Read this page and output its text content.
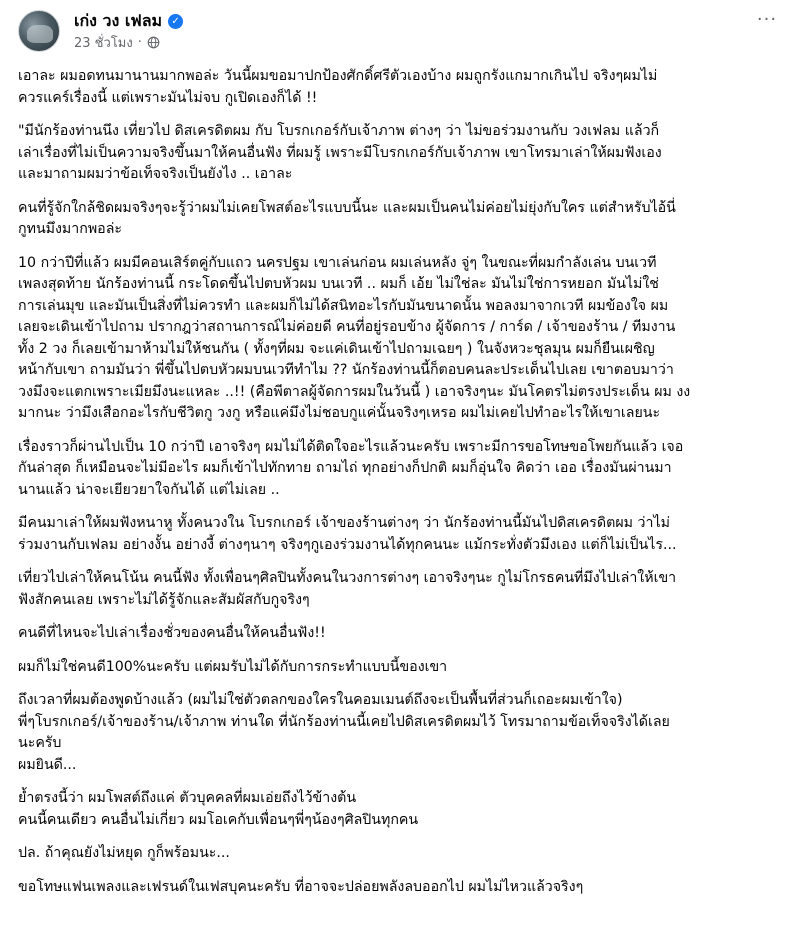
เก่ง วง เฟลม ✓
23 ชั่วโมง ·
···
เอาละ ผมอดทนมานานมากพอล่ะ วันนี้ผมขอมาปกป้องศักดิ์ศรีตัวเองบ้าง ผมถูกรังแกมากเกินไป จริงๆผมไม่
ควรแคร์เรื่องนี้ แต่เพราะมันไม่จบ กูเปิดเองก็ได้ !!
"มีนักร้องท่านนึง เที่ยวไป ดิสเครดิตผม กับ โบรกเกอร์กับเจ้าภาพ ต่างๆ ว่า ไม่ขอร่วมงานกับ วงเฟลม แล้วก็
เล่าเรื่องที่ไม่เป็นความจริงขึ้นมาให้คนอื่นฟัง ที่ผมรู้ เพราะมีโบรกเกอร์กับเจ้าภาพ เขาโทรมาเล่าให้ผมฟังเอง
และมาถามผมว่าข้อเท็จจริงเป็นยังไง .. เอาละ
คนที่รู้จักใกล้ชิดผมจริงๆจะรู้ว่าผมไม่เคยโพสต์อะไรแบบนี้นะ และผมเป็นคนไม่ค่อยไม่ยุ่งกับใคร แต่สำหรับไอ้นี่
กูทนมึงมากพอล่ะ
10 กว่าปีที่แล้ว ผมมีคอนเสิร์ตคู่กับแถว นครปฐม เขาเล่นก่อน ผมเล่นหลัง จู่ๆ ในขณะที่ผมกำลังเล่น บนเวที
เพลงสุดท้าย นักร้องท่านนี้ กระโดดขึ้นไปตบหัวผม บนเวที .. ผมก็ เอ้ย ไม่ใช่ละ มันไม่ใช่การหยอก มันไม่ใช่
การเล่นมุข และมันเป็นสิ่งที่ไม่ควรทำ และผมก็ไม่ได้สนิทอะไรกับมันขนาดนั้น พอลงมาจากเวที ผมข้องใจ ผม
เลยจะเดินเข้าไปถาม ปรากฎว่าสถานการณ์ไม่ค่อยดี คนที่อยู่รอบข้าง ผู้จัดการ / การ์ด / เจ้าของร้าน / ทีมงาน
ทั้ง 2 วง ก็เลยเข้ามาห้ามไม่ให้ชนกัน ( ทั้งๆที่ผม จะแค่เดินเข้าไปถามเฉยๆ ) ในจังหวะชุลมุน ผมก็ยืนเผชิญ
หน้ากับเขา ถามมันว่า พี่ขึ้นไปตบหัวผมบนเวทีทำไม ?? นักร้องท่านนี้ก็ตอบคนละประเด็นไปเลย เขาตอบมาว่า
วงมึงจะแตกเพราะเมียมึงนะแหละ ..!! (คือพีตาลผู้จัดการผมในวันนี้ ) เอาจริงๆนะ มันโคตรไม่ตรงประเด็น ผม งง
มากนะ ว่ามึงเสือกอะไรกับชีวิตกู วงกู หรือแค่มึงไม่ชอบกูแค่นั้นจริงๆเหรอ ผมไม่เคยไปทำอะไรให้เขาเลยนะ
เรื่องราวก็ผ่านไปเป็น 10 กว่าปี เอาจริงๆ ผมไม่ได้ติดใจอะไรแล้วนะครับ เพราะมีการขอโทษขอโพยกันแล้ว เจอ
กันล่าสุด ก็เหมือนจะไม่มีอะไร ผมก็เข้าไปทักทาย ถามไถ่ ทุกอย่างก็ปกติ ผมก็อุ่นใจ คิดว่า เออ เรื่องมันผ่านมา
นานแล้ว น่าจะเยียวยาใจกันได้ แต่ไม่เลย ..
มีคนมาเล่าให้ผมฟังหนาหู ทั้งคนวงใน โบรกเกอร์ เจ้าของร้านต่างๆ ว่า นักร้องท่านนี้มันไปดิสเครดิตผม ว่าไม่
ร่วมงานกับเฟลม อย่างงั้น อย่างงี้ ต่างๆนาๆ จริงๆกูเองร่วมงานได้ทุกคนนะ แม้กระทั่งตัวมึงเอง แต่ก็ไม่เป็นไร...
เที่ยวไปเล่าให้คนโน้น คนนี้ฟัง ทั้งเพื่อนๆศิลปินทั้งคนในวงการต่างๆ เอาจริงๆนะ กูไม่โกรธคนที่มึงไปเล่าให้เขา
ฟังสักคนเลย เพราะไม่ได้รู้จักและสัมผัสกับกูจริงๆ
คนดีที่ไหนจะไปเล่าเรื่องชั่วของคนอื่นให้คนอื่นฟัง!!
ผมก็ไม่ใช่คนดี100%นะครับ แต่ผมรับไม่ได้กับการกระทำแบบนี้ของเขา
ถึงเวลาที่ผมต้องพูดบ้างแล้ว (ผมไม่ใช่ตัวตลกของใครในคอมเมนต์ถึงจะเป็นพื้นที่ส่วนก็เถอะผมเข้าใจ)
พี่ๆโบรกเกอร์/เจ้าของร้าน/เจ้าภาพ ท่านใด ที่นักร้องท่านนี้เคยไปดิสเครดิตผมไว้ โทรมาถามข้อเท็จจริงได้เลย
นะครับ
ผมยินดี...
ย้ำตรงนี้ว่า ผมโพสต์ถึงแค่ ตัวบุคคลที่ผมเอ่ยถึงไว้ข้างต้น
คนนี้คนเดียว คนอื่นไม่เกี่ยว ผมโอเคกับเพื่อนๆพี่ๆน้องๆศิลปินทุกคน
ปล. ถ้าคุณยังไม่หยุด กูก็พร้อมนะ...
ขอโทษแฟนเพลงและเฟรนด์ในเฟสบุคนะครับ ที่อาจจะปล่อยพลังลบออกไป ผมไม่ไหวแล้วจริงๆ
